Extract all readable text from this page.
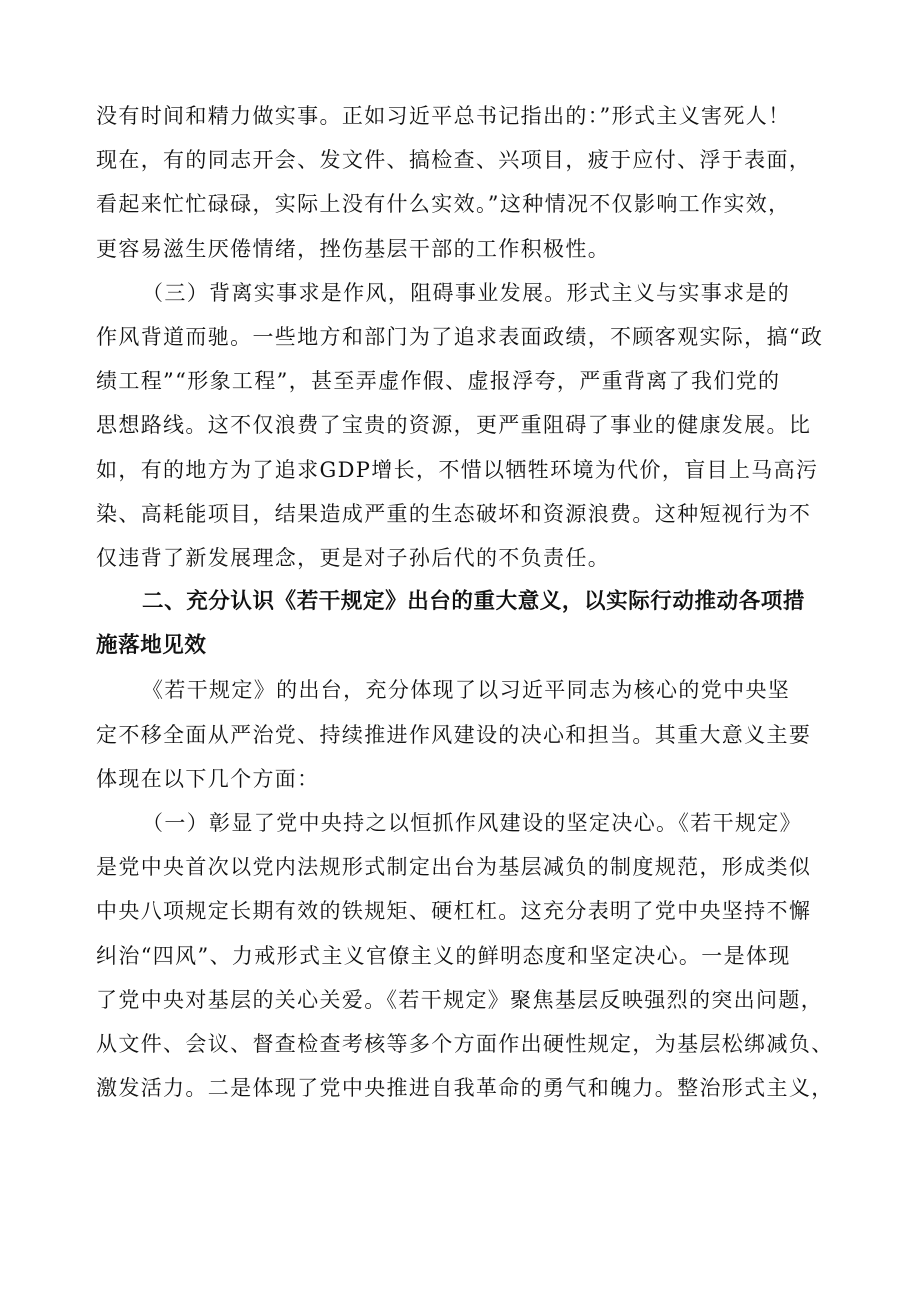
没有时间和精力做实事。正如习近平总书记指出的：”形式主义害死人！
现在，有的同志开会、发文件、搞检查、兴项目，疲于应付、浮于表面，
看起来忙忙碌碌，实际上没有什么实效。”这种情况不仅影响工作实效，
更容易滋生厌倦情绪，挫伤基层干部的工作积极性。
（三）背离实事求是作风，阻碍事业发展。形式主义与实事求是的
作风背道而驰。一些地方和部门为了追求表面政绩，不顾客观实际，搞“政
绩工程”“形象工程”，甚至弄虚作假、虚报浮夸，严重背离了我们党的
思想路线。这不仅浪费了宝贵的资源，更严重阻碍了事业的健康发展。比
如，有的地方为了追求GDP增长，不惜以牺牲环境为代价，盲目上马高污
染、高耗能项目，结果造成严重的生态破坏和资源浪费。这种短视行为不
仅违背了新发展理念，更是对子孙后代的不负责任。
二、充分认识《若干规定》出台的重大意义，以实际行动推动各项措
施落地见效
《若干规定》的出台，充分体现了以习近平同志为核心的党中央坚
定不移全面从严治党、持续推进作风建设的决心和担当。其重大意义主要
体现在以下几个方面：
（一）彰显了党中央持之以恒抓作风建设的坚定决心。《若干规定》
是党中央首次以党内法规形式制定出台为基层减负的制度规范，形成类似
中央八项规定长期有效的铁规矩、硬杠杠。这充分表明了党中央坚持不懈
纠治“四风”、力戒形式主义官僚主义的鲜明态度和坚定决心。一是体现
了党中央对基层的关心关爱。《若干规定》聚焦基层反映强烈的突出问题，
从文件、会议、督查检查考核等多个方面作出硬性规定，为基层松绑减负、
激发活力。二是体现了党中央推进自我革命的勇气和魄力。整治形式主义，
